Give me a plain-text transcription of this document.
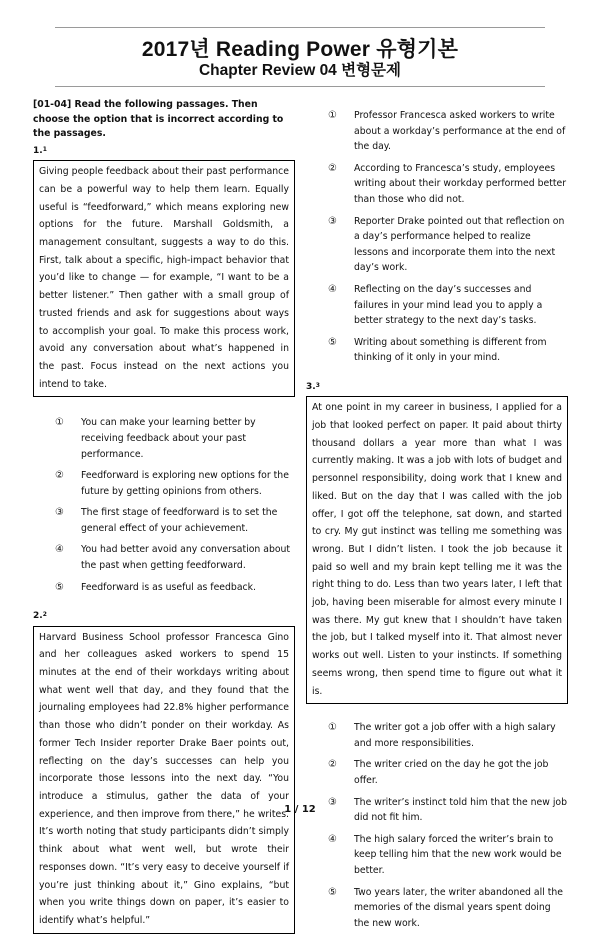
2017년 Reading Power 유형기본
Chapter Review 04 변형문제
[01-04] Read the following passages. Then choose the option that is incorrect according to the passages.
1.$^1$
Giving people feedback about their past performance can be a powerful way to help them learn. Equally useful is “feedforward,” which means exploring new options for the future. Marshall Goldsmith, a management consultant, suggests a way to do this. First, talk about a specific, high-impact behavior that you’d like to change — for example, “I want to be a better listener.” Then gather with a small group of trusted friends and ask for suggestions about ways to accomplish your goal. To make this process work, avoid any conversation about what’s happened in the past. Focus instead on the next actions you intend to take.
①	You can make your learning better by receiving feedback about your past performance.
②	Feedforward is exploring new options for the future by getting opinions from others.
③	The first stage of feedforward is to set the general effect of your achievement.
④	You had better avoid any conversation about the past when getting feedforward.
⑤	Feedforward is as useful as feedback.
2.$^2$
Harvard Business School professor Francesca Gino and her colleagues asked workers to spend 15 minutes at the end of their workdays writing about what went well that day, and they found that the journaling employees had 22.8% higher performance than those who didn’t ponder on their workday. As former Tech Insider reporter Drake Baer points out, reflecting on the day’s successes can help you incorporate those lessons into the next day. “You introduce a stimulus, gather the data of your experience, and then improve from there,” he writes. It’s worth noting that study participants didn’t simply think about what went well, but wrote their responses down. “It’s very easy to deceive yourself if you’re just thinking about it,” Gino explains, “but when you write things down on paper, it’s easier to identify what’s helpful.”
①	Professor Francesca asked workers to write about a workday’s performance at the end of the day.
②	According to Francesca’s study, employees writing about their workday performed better than those who did not.
③	Reporter Drake pointed out that reflection on a day’s performance helped to realize lessons and incorporate them into the next day’s work.
④	Reflecting on the day’s successes and failures in your mind lead you to apply a better strategy to the next day’s tasks.
⑤	Writing about something is different from thinking of it only in your mind.
3.$^3$
At one point in my career in business, I applied for a job that looked perfect on paper. It paid about thirty thousand dollars a year more than what I was currently making. It was a job with lots of budget and personnel responsibility, doing work that I knew and liked. But on the day that I was called with the job offer, I got off the telephone, sat down, and started to cry. My gut instinct was telling me something was wrong. But I didn’t listen. I took the job because it paid so well and my brain kept telling me it was the right thing to do. Less than two years later, I left that job, having been miserable for almost every minute I was there. My gut knew that I shouldn’t have taken the job, but I talked myself into it. That almost never works out well. Listen to your instincts. If something seems wrong, then spend time to figure out what it is.
①	The writer got a job offer with a high salary and more responsibilities.
②	The writer cried on the day he got the job offer.
③	The writer’s instinct told him that the new job did not fit him.
④	The high salary forced the writer’s brain to keep telling him that the new work would be better.
⑤	Two years later, the writer abandoned all the memories of the dismal years spent doing the new work.
1 / 12
